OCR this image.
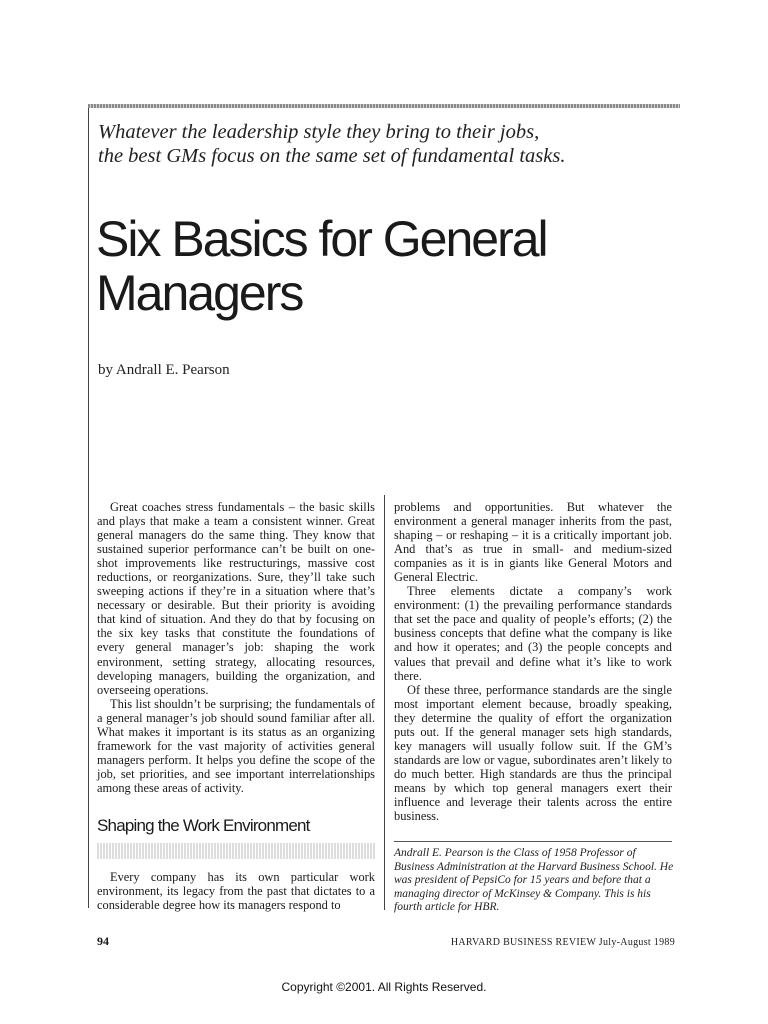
Whatever the leadership style they bring to their jobs,
the best GMs focus on the same set of fundamental tasks.
Six Basics for General
Managers
by Andrall E. Pearson

Great coaches stress fundamentals – the basic skills and plays that make a team a consistent winner. Great general managers do the same thing. They know that sustained superior performance can’t be built on one-shot improvements like restructurings, massive cost reductions, or reorganizations. Sure, they’ll take such sweeping actions if they’re in a situation where that’s necessary or desirable. But their priority is avoiding that kind of situation. And they do that by focusing on the six key tasks that constitute the foundations of every general manager’s job: shaping the work environment, setting strategy, allocating resources, developing managers, building the organization, and overseeing operations.

This list shouldn’t be surprising; the fundamentals of a general manager’s job should sound familiar after all. What makes it important is its status as an organizing framework for the vast majority of activities general managers perform. It helps you define the scope of the job, set priorities, and see important interrelationships among these areas of activity.

Shaping the Work Environment

Every company has its own particular work environment, its legacy from the past that dictates to a considerable degree how its managers respond to

problems and opportunities. But whatever the environment a general manager inherits from the past, shaping – or reshaping – it is a critically important job. And that’s as true in small- and medium-sized companies as it is in giants like General Motors and General Electric.

Three elements dictate a company’s work environment: (1) the prevailing performance standards that set the pace and quality of people’s efforts; (2) the business concepts that define what the company is like and how it operates; and (3) the people concepts and values that prevail and define what it’s like to work there.

Of these three, performance standards are the single most important element because, broadly speaking, they determine the quality of effort the organization puts out. If the general manager sets high standards, key managers will usually follow suit. If the GM’s standards are low or vague, subordinates aren’t likely to do much better. High standards are thus the principal means by which top general managers exert their influence and leverage their talents across the entire business.

Andrall E. Pearson is the Class of 1958 Professor of Business Administration at the Harvard Business School. He was president of PepsiCo for 15 years and before that a managing director of McKinsey & Company. This is his fourth article for HBR.
94	HARVARD BUSINESS REVIEW July-August 1989
Copyright ©2001. All Rights Reserved.
